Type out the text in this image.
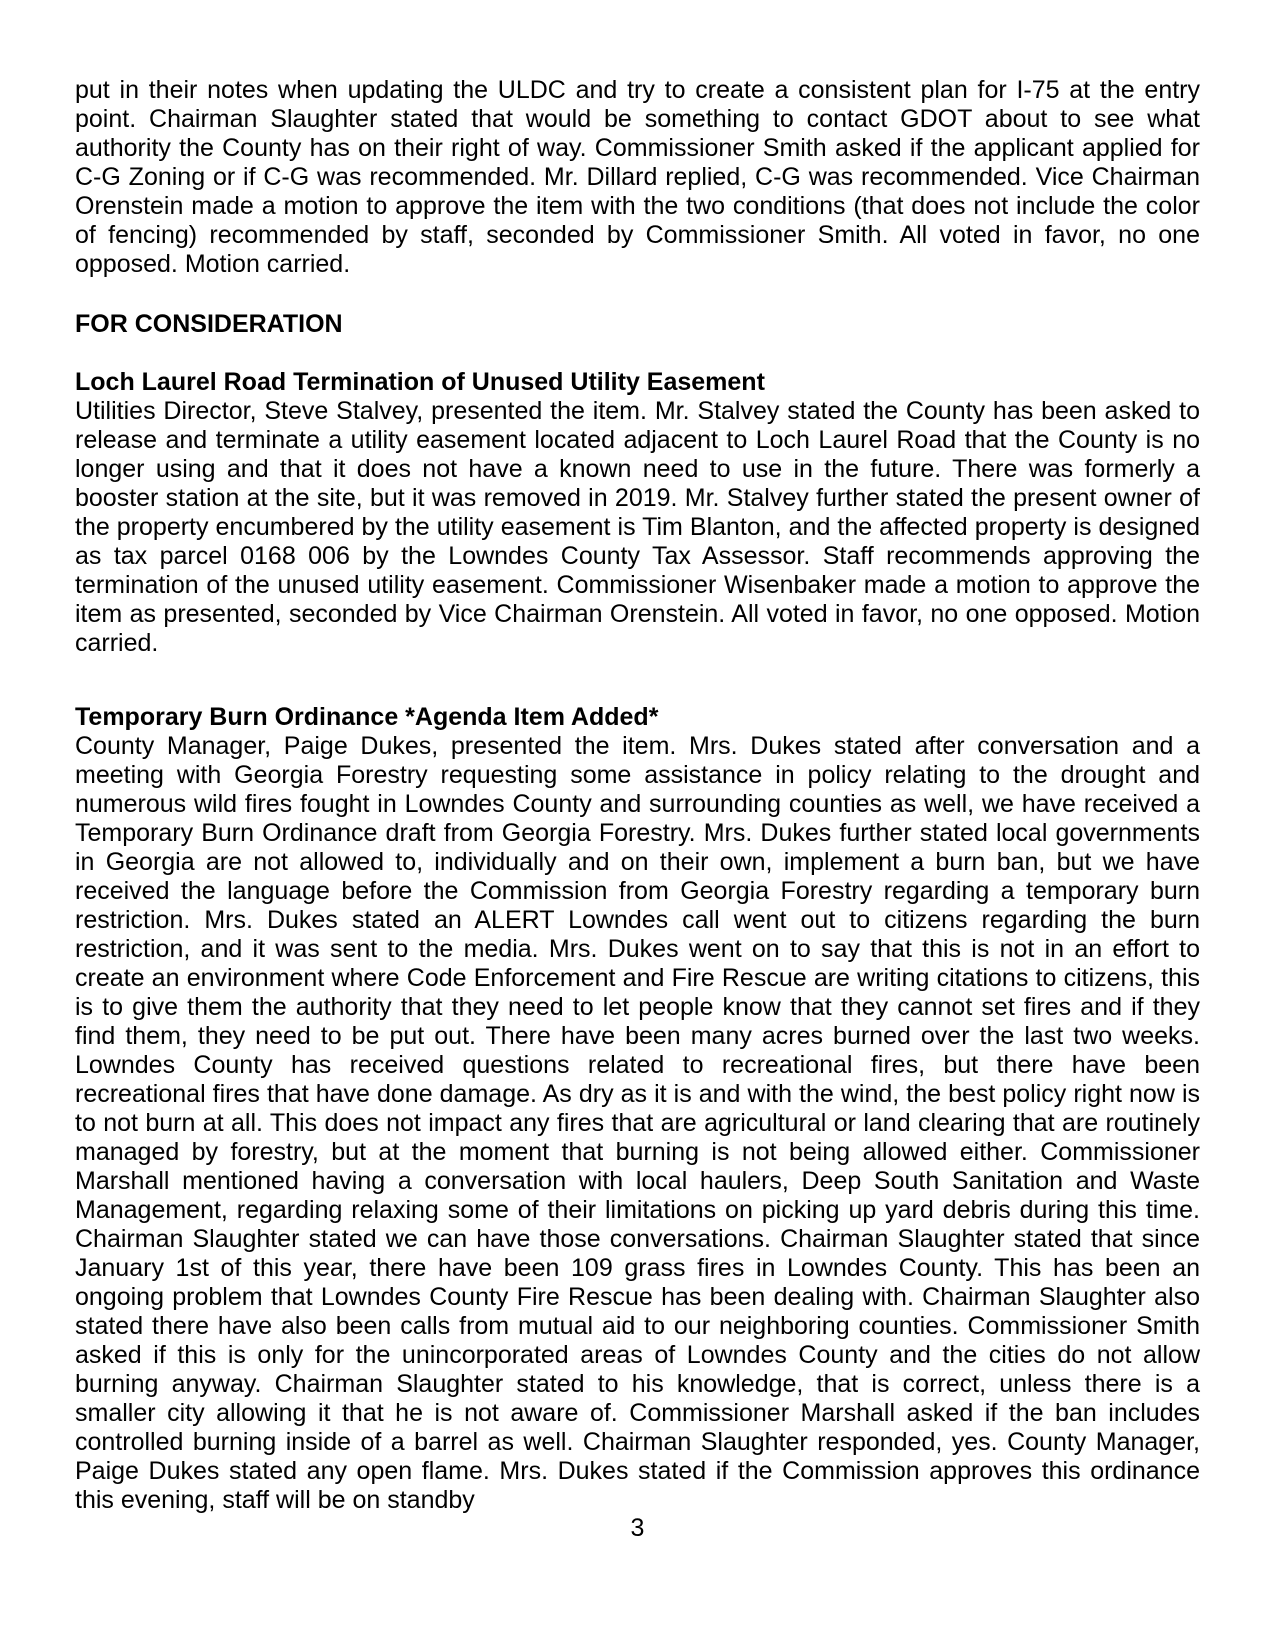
put in their notes when updating the ULDC and try to create a consistent plan for I-75 at the entry point. Chairman Slaughter stated that would be something to contact GDOT about to see what authority the County has on their right of way. Commissioner Smith asked if the applicant applied for C-G Zoning or if C-G was recommended. Mr. Dillard replied, C-G was recommended. Vice Chairman Orenstein made a motion to approve the item with the two conditions (that does not include the color of fencing) recommended by staff, seconded by Commissioner Smith. All voted in favor, no one opposed. Motion carried.

FOR CONSIDERATION
Loch Laurel Road Termination of Unused Utility Easement

Utilities Director, Steve Stalvey, presented the item. Mr. Stalvey stated the County has been asked to release and terminate a utility easement located adjacent to Loch Laurel Road that the County is no longer using and that it does not have a known need to use in the future. There was formerly a booster station at the site, but it was removed in 2019. Mr. Stalvey further stated the present owner of the property encumbered by the utility easement is Tim Blanton, and the affected property is designed as tax parcel 0168 006 by the Lowndes County Tax Assessor. Staff recommends approving the termination of the unused utility easement. Commissioner Wisenbaker made a motion to approve the item as presented, seconded by Vice Chairman Orenstein. All voted in favor, no one opposed. Motion carried.

Temporary Burn Ordinance *Agenda Item Added*

County Manager, Paige Dukes, presented the item. Mrs. Dukes stated after conversation and a meeting with Georgia Forestry requesting some assistance in policy relating to the drought and numerous wild fires fought in Lowndes County and surrounding counties as well, we have received a Temporary Burn Ordinance draft from Georgia Forestry. Mrs. Dukes further stated local governments in Georgia are not allowed to, individually and on their own, implement a burn ban, but we have received the language before the Commission from Georgia Forestry regarding a temporary burn restriction. Mrs. Dukes stated an ALERT Lowndes call went out to citizens regarding the burn restriction, and it was sent to the media. Mrs. Dukes went on to say that this is not in an effort to create an environment where Code Enforcement and Fire Rescue are writing citations to citizens, this is to give them the authority that they need to let people know that they cannot set fires and if they find them, they need to be put out. There have been many acres burned over the last two weeks. Lowndes County has received questions related to recreational fires, but there have been recreational fires that have done damage. As dry as it is and with the wind, the best policy right now is to not burn at all. This does not impact any fires that are agricultural or land clearing that are routinely managed by forestry, but at the moment that burning is not being allowed either. Commissioner Marshall mentioned having a conversation with local haulers, Deep South Sanitation and Waste Management, regarding relaxing some of their limitations on picking up yard debris during this time. Chairman Slaughter stated we can have those conversations. Chairman Slaughter stated that since January 1st of this year, there have been 109 grass fires in Lowndes County. This has been an ongoing problem that Lowndes County Fire Rescue has been dealing with. Chairman Slaughter also stated there have also been calls from mutual aid to our neighboring counties. Commissioner Smith asked if this is only for the unincorporated areas of Lowndes County and the cities do not allow burning anyway. Chairman Slaughter stated to his knowledge, that is correct, unless there is a smaller city allowing it that he is not aware of. Commissioner Marshall asked if the ban includes controlled burning inside of a barrel as well. Chairman Slaughter responded, yes. County Manager, Paige Dukes stated any open flame. Mrs. Dukes stated if the Commission approves this ordinance this evening, staff will be on standby

3
